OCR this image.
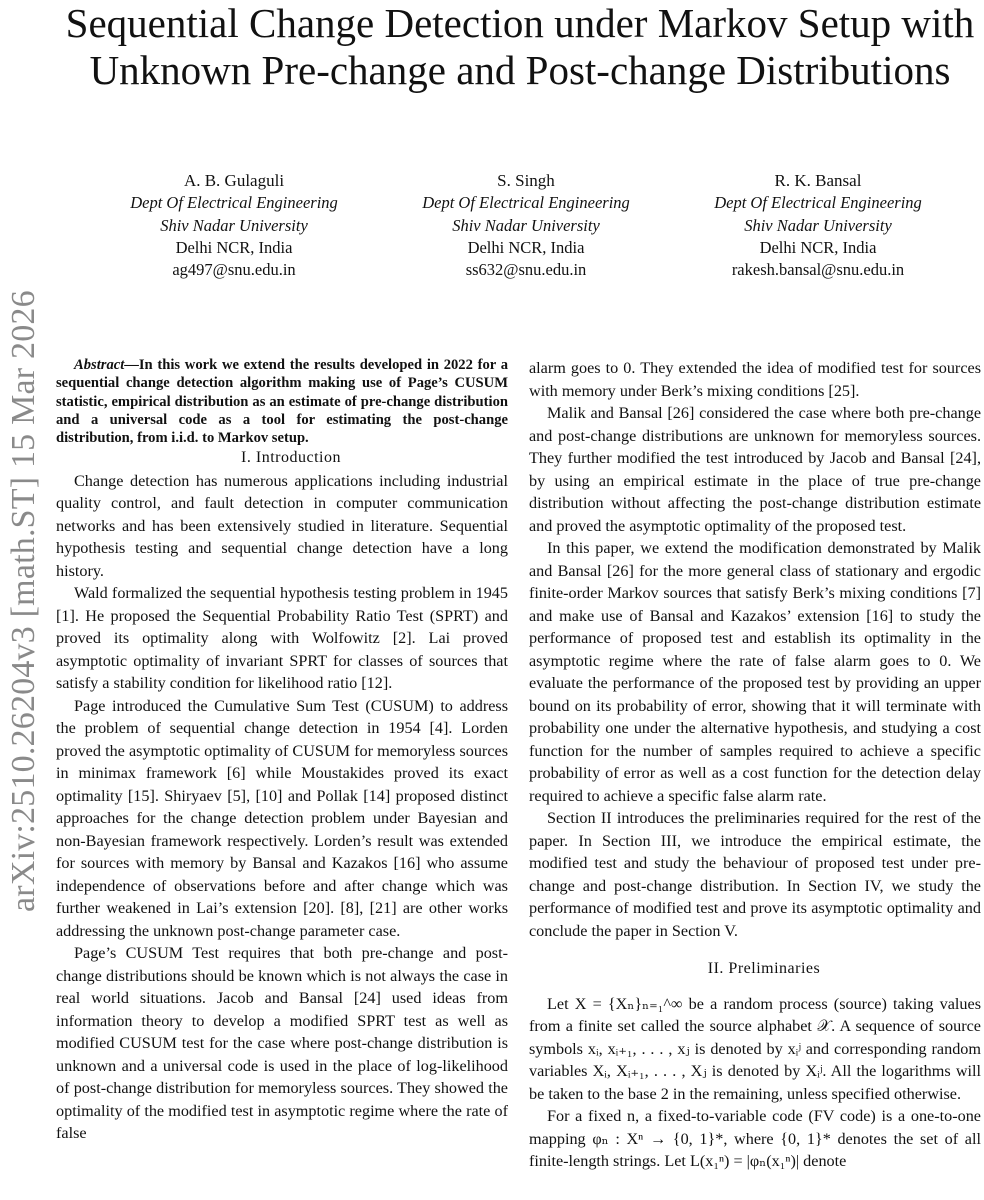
arXiv:2510.26204v3 [math.ST] 15 Mar 2026
Sequential Change Detection under Markov Setup with Unknown Pre-change and Post-change Distributions
A. B. Gulaguli
Dept Of Electrical Engineering
Shiv Nadar University
Delhi NCR, India
ag497@snu.edu.in
S. Singh
Dept Of Electrical Engineering
Shiv Nadar University
Delhi NCR, India
ss632@snu.edu.in
R. K. Bansal
Dept Of Electrical Engineering
Shiv Nadar University
Delhi NCR, India
rakesh.bansal@snu.edu.in

Abstract—In this work we extend the results developed in 2022 for a sequential change detection algorithm making use of Page’s CUSUM statistic, empirical distribution as an estimate of pre-change distribution and a universal code as a tool for estimating the post-change distribution, from i.i.d. to Markov setup.

I. Introduction

Change detection has numerous applications including industrial quality control, and fault detection in computer communication networks and has been extensively studied in literature. Sequential hypothesis testing and sequential change detection have a long history.

Wald formalized the sequential hypothesis testing problem in 1945 [1]. He proposed the Sequential Probability Ratio Test (SPRT) and proved its optimality along with Wolfowitz [2]. Lai proved asymptotic optimality of invariant SPRT for classes of sources that satisfy a stability condition for likelihood ratio [12].

Page introduced the Cumulative Sum Test (CUSUM) to address the problem of sequential change detection in 1954 [4]. Lorden proved the asymptotic optimality of CUSUM for memoryless sources in minimax framework [6] while Moustakides proved its exact optimality [15]. Shiryaev [5], [10] and Pollak [14] proposed distinct approaches for the change detection problem under Bayesian and non-Bayesian framework respectively. Lorden’s result was extended for sources with memory by Bansal and Kazakos [16] who assume independence of observations before and after change which was further weakened in Lai’s extension [20]. [8], [21] are other works addressing the unknown post-change parameter case.

Page’s CUSUM Test requires that both pre-change and post-change distributions should be known which is not always the case in real world situations. Jacob and Bansal [24] used ideas from information theory to develop a modified SPRT test as well as modified CUSUM test for the case where post-change distribution is unknown and a universal code is used in the place of log-likelihood of post-change distribution for memoryless sources. They showed the optimality of the modified test in asymptotic regime where the rate of false

alarm goes to 0. They extended the idea of modified test for sources with memory under Berk’s mixing conditions [25].

Malik and Bansal [26] considered the case where both pre-change and post-change distributions are unknown for memoryless sources. They further modified the test introduced by Jacob and Bansal [24], by using an empirical estimate in the place of true pre-change distribution without affecting the post-change distribution estimate and proved the asymptotic optimality of the proposed test.

In this paper, we extend the modification demonstrated by Malik and Bansal [26] for the more general class of stationary and ergodic finite-order Markov sources that satisfy Berk’s mixing conditions [7] and make use of Bansal and Kazakos’ extension [16] to study the performance of proposed test and establish its optimality in the asymptotic regime where the rate of false alarm goes to 0. We evaluate the performance of the proposed test by providing an upper bound on its probability of error, showing that it will terminate with probability one under the alternative hypothesis, and studying a cost function for the number of samples required to achieve a specific probability of error as well as a cost function for the detection delay required to achieve a specific false alarm rate.

Section II introduces the preliminaries required for the rest of the paper. In Section III, we introduce the empirical estimate, the modified test and study the behaviour of proposed test under pre-change and post-change distribution. In Section IV, we study the performance of modified test and prove its asymptotic optimality and conclude the paper in Section V.

II. Preliminaries

Let X = {Xₙ}ₙ₌₁^∞ be a random process (source) taking values from a finite set called the source alphabet 𝒳. A sequence of source symbols xᵢ, xᵢ₊₁, . . . , xⱼ is denoted by xᵢʲ and corresponding random variables Xᵢ, Xᵢ₊₁, . . . , Xⱼ is denoted by Xᵢʲ. All the logarithms will be taken to the base 2 in the remaining, unless specified otherwise.

For a fixed n, a fixed-to-variable code (FV code) is a one-to-one mapping φₙ : Xⁿ → {0, 1}*, where {0, 1}* denotes the set of all finite-length strings. Let L(x₁ⁿ) = |φₙ(x₁ⁿ)| denote
